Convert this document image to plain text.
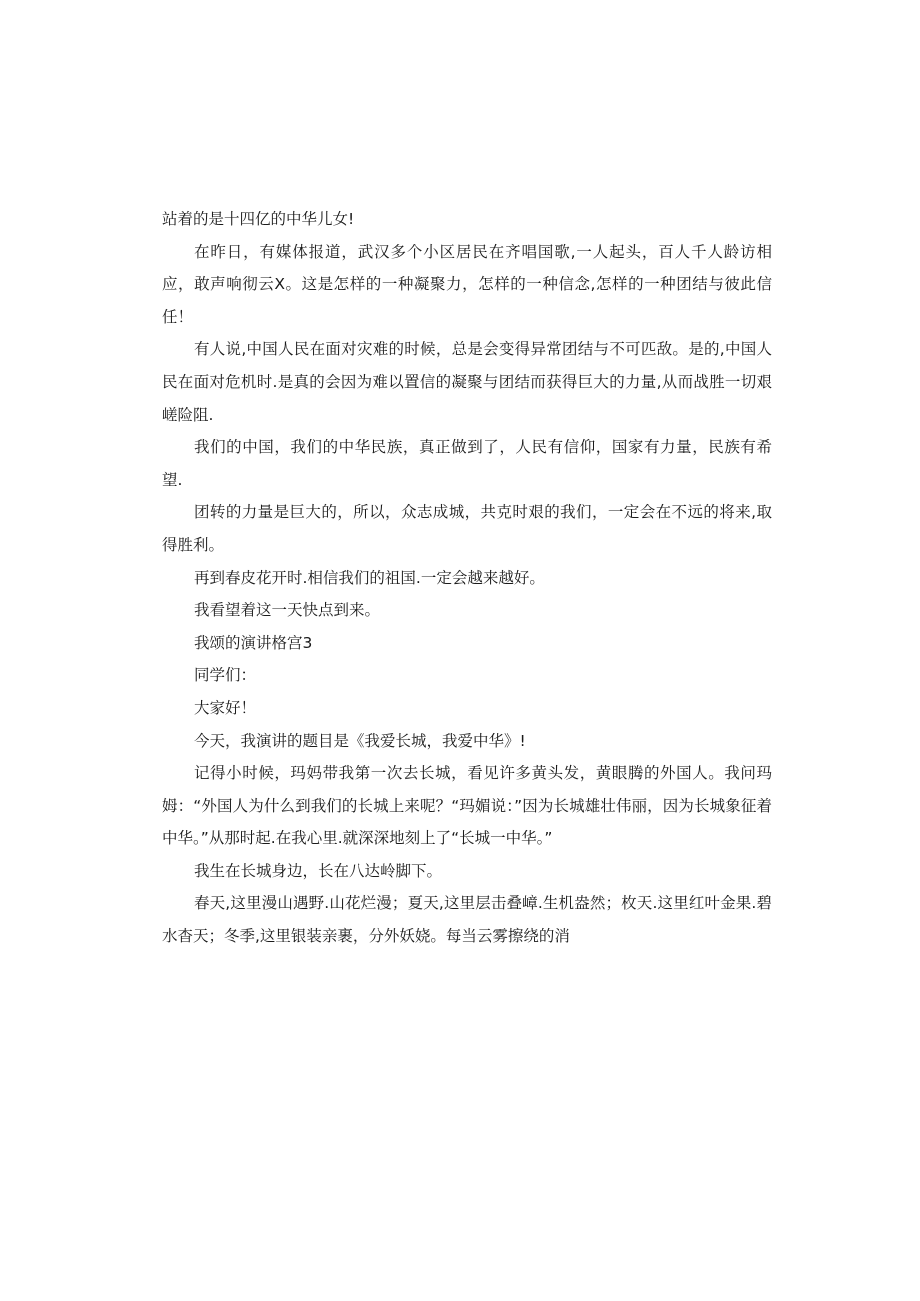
站着的是十四亿的中华儿女!

在昨日，有媒体报道，武汉多个小区居民在齐唱国歌,一人起头，百人千人龄访相应，敢声响彻云X。这是怎样的一种凝聚力，怎样的一种信念,怎样的一种团结与彼此信任！

有人说,中国人民在面对灾难的时候，总是会变得异常团结与不可匹敌。是的,中国人民在面对危机时.是真的会因为难以置信的凝聚与团结而获得巨大的力量,从而战胜一切艰嵯险阻.

我们的中国，我们的中华民族，真正做到了，人民有信仰，国家有力量，民族有希望.

团转的力量是巨大的，所以，众志成城，共克时艰的我们，一定会在不远的将来,取得胜利。

再到春皮花开时.相信我们的祖国.一定会越来越好。

我看望着这一天快点到来。

我颂的演讲格宫3

同学们：

大家好！

今天，我演讲的题目是《我爱长城，我爱中华》!

记得小时候，玛妈带我第一次去长城，看见许多黄头发，黄眼腾的外国人。我问玛姆：“外国人为什么到我们的长城上来呢？“玛媚说：”因为长城雄壮伟丽，因为长城象征着中华。”从那时起.在我心里.就深深地刻上了“长城一中华。”

我生在长城身边，长在八达岭脚下。

春天,这里漫山遇野.山花烂漫；夏天,这里层击叠嶂.生机盎然；枚天.这里红叶金果.碧水杳天；冬季,这里银装亲裹，分外妖娆。每当云雾擦绕的消
